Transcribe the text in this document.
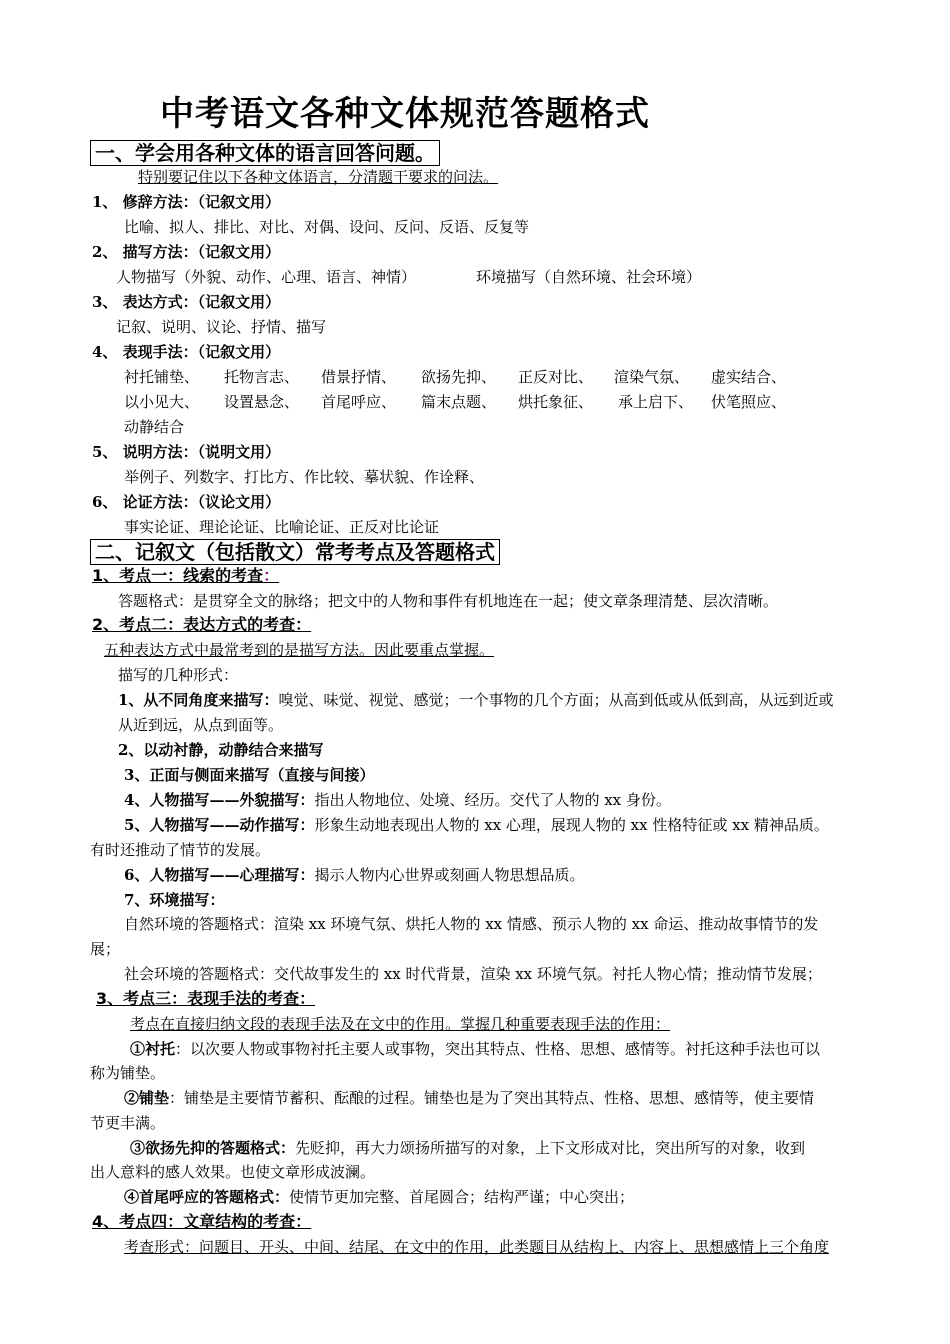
中考语文各种文体规范答题格式
一、学会用各种文体的语言回答问题。
特别要记住以下各种文体语言，分清题干要求的问法。
1、 修辞方法：（记叙文用）
比喻、拟人、排比、对比、对偶、设问、反问、反语、反复等
2、 描写方法：（记叙文用）
人物描写（外貌、动作、心理、语言、神情）	环境描写（自然环境、社会环境）
3、 表达方式：（记叙文用）
记叙、说明、议论、抒情、描写
4、 表现手法：（记叙文用）
衬托铺垫、 托物言志、 借景抒情、 欲扬先抑、 正反对比、 渲染气氛、 虚实结合、
以小见大、 设置悬念、 首尾呼应、 篇末点题、 烘托象征、 承上启下、 伏笔照应、
动静结合
5、 说明方法：（说明文用）
举例子、列数字、打比方、作比较、摹状貌、作诠释、
6、 论证方法：（议论文用）
事实论证、理论论证、比喻论证、正反对比论证
二、记叙文（包括散文）常考考点及答题格式
1、考点一：线索的考查：
答题格式：是贯穿全文的脉络；把文中的人物和事件有机地连在一起；使文章条理清楚、层次清晰。
2、考点二：表达方式的考查：
五种表达方式中最常考到的是描写方法。因此要重点掌握。
描写的几种形式：
1、从不同角度来描写：嗅觉、味觉、视觉、感觉；一个事物的几个方面；从高到低或从低到高，从远到近或
从近到远，从点到面等。
2、以动衬静，动静结合来描写
3、正面与侧面来描写（直接与间接）
4、人物描写——外貌描写：指出人物地位、处境、经历。交代了人物的 xx 身份。
5、人物描写——动作描写：形象生动地表现出人物的 xx 心理，展现人物的 xx 性格特征或 xx 精神品质。
有时还推动了情节的发展。
6、人物描写——心理描写：揭示人物内心世界或刻画人物思想品质。
7、环境描写：
自然环境的答题格式：渲染 xx 环境气氛、烘托人物的 xx 情感、预示人物的 xx 命运、推动故事情节的发
展；
社会环境的答题格式：交代故事发生的 xx 时代背景，渲染 xx 环境气氛。衬托人物心情；推动情节发展；
3、考点三：表现手法的考查：
考点在直接归纳文段的表现手法及在文中的作用。掌握几种重要表现手法的作用：
①衬托：以次要人物或事物衬托主要人或事物，突出其特点、性格、思想、感情等。衬托这种手法也可以
称为铺垫。
②铺垫：铺垫是主要情节蓄积、酝酿的过程。铺垫也是为了突出其特点、性格、思想、感情等，使主要情
节更丰满。
③欲扬先抑的答题格式：先贬抑，再大力颂扬所描写的对象，上下文形成对比，突出所写的对象，收到
出人意料的感人效果。也使文章形成波澜。
④首尾呼应的答题格式：使情节更加完整、首尾圆合；结构严谨；中心突出；
4、考点四：文章结构的考查：
考查形式：问题目、开头、中间、结尾、在文中的作用，此类题目从结构上、内容上、思想感情上三个角度
